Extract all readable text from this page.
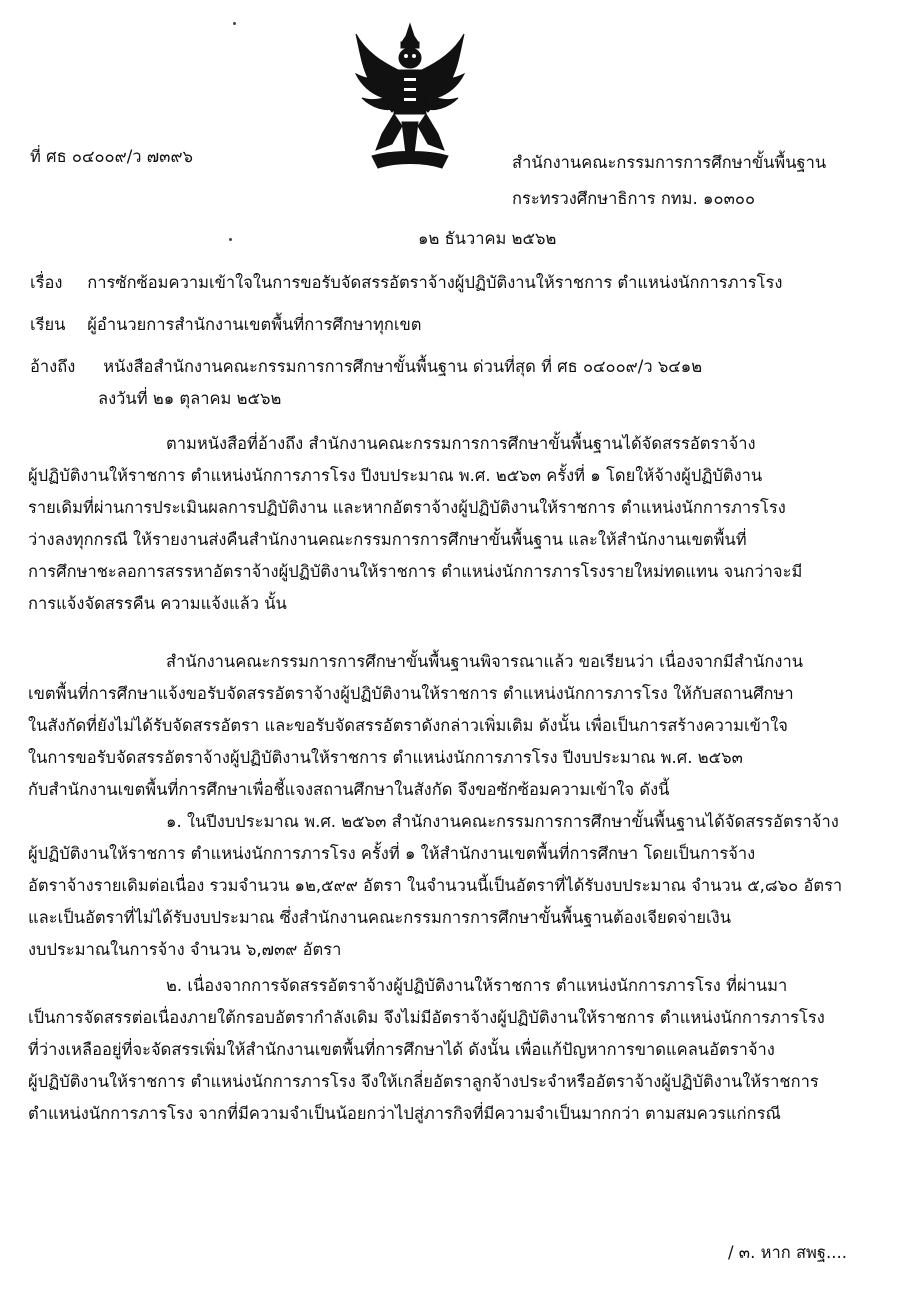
ที่ ศธ ๐๔๐๐๙/ว ๗๓๙๖	สำนักงานคณะกรรมการการศึกษาขั้นพื้นฐาน
กระทรวงศึกษาธิการ กทม. ๑๐๓๐๐
๑๒ ธันวาคม ๒๕๖๒
เรื่อง การซักซ้อมความเข้าใจในการขอรับจัดสรรอัตราจ้างผู้ปฏิบัติงานให้ราชการ ตำแหน่งนักการภารโรง
เรียน ผู้อำนวยการสำนักงานเขตพื้นที่การศึกษาทุกเขต
อ้างถึง หนังสือสำนักงานคณะกรรมการการศึกษาขั้นพื้นฐาน ด่วนที่สุด ที่ ศธ ๐๔๐๐๙/ว ๖๔๑๒
ลงวันที่ ๒๑ ตุลาคม ๒๕๖๒
ตามหนังสือที่อ้างถึง สำนักงานคณะกรรมการการศึกษาขั้นพื้นฐานได้จัดสรรอัตราจ้าง
ผู้ปฏิบัติงานให้ราชการ ตำแหน่งนักการภารโรง ปีงบประมาณ พ.ศ. ๒๕๖๓ ครั้งที่ ๑ โดยให้จ้างผู้ปฏิบัติงาน
รายเดิมที่ผ่านการประเมินผลการปฏิบัติงาน และหากอัตราจ้างผู้ปฏิบัติงานให้ราชการ ตำแหน่งนักการภารโรง
ว่างลงทุกกรณี ให้รายงานส่งคืนสำนักงานคณะกรรมการการศึกษาขั้นพื้นฐาน และให้สำนักงานเขตพื้นที่
การศึกษาชะลอการสรรหาอัตราจ้างผู้ปฏิบัติงานให้ราชการ ตำแหน่งนักการภารโรงรายใหม่ทดแทน จนกว่าจะมี
การแจ้งจัดสรรคืน ความแจ้งแล้ว นั้น
สำนักงานคณะกรรมการการศึกษาขั้นพื้นฐานพิจารณาแล้ว ขอเรียนว่า เนื่องจากมีสำนักงาน
เขตพื้นที่การศึกษาแจ้งขอรับจัดสรรอัตราจ้างผู้ปฏิบัติงานให้ราชการ ตำแหน่งนักการภารโรง ให้กับสถานศึกษา
ในสังกัดที่ยังไม่ได้รับจัดสรรอัตรา และขอรับจัดสรรอัตราดังกล่าวเพิ่มเติม ดังนั้น เพื่อเป็นการสร้างความเข้าใจ
ในการขอรับจัดสรรอัตราจ้างผู้ปฏิบัติงานให้ราชการ ตำแหน่งนักการภารโรง ปีงบประมาณ พ.ศ. ๒๕๖๓
กับสำนักงานเขตพื้นที่การศึกษาเพื่อชี้แจงสถานศึกษาในสังกัด จึงขอซักซ้อมความเข้าใจ ดังนี้
๑. ในปีงบประมาณ พ.ศ. ๒๕๖๓ สำนักงานคณะกรรมการการศึกษาขั้นพื้นฐานได้จัดสรรอัตราจ้าง
ผู้ปฏิบัติงานให้ราชการ ตำแหน่งนักการภารโรง ครั้งที่ ๑ ให้สำนักงานเขตพื้นที่การศึกษา โดยเป็นการจ้าง
อัตราจ้างรายเดิมต่อเนื่อง รวมจำนวน ๑๒,๕๙๙ อัตรา ในจำนวนนี้เป็นอัตราที่ได้รับงบประมาณ จำนวน ๕,๘๖๐ อัตรา
และเป็นอัตราที่ไม่ได้รับงบประมาณ ซึ่งสำนักงานคณะกรรมการการศึกษาขั้นพื้นฐานต้องเจียดจ่ายเงิน
งบประมาณในการจ้าง จำนวน ๖,๗๓๙ อัตรา
๒. เนื่องจากการจัดสรรอัตราจ้างผู้ปฏิบัติงานให้ราชการ ตำแหน่งนักการภารโรง ที่ผ่านมา
เป็นการจัดสรรต่อเนื่องภายใต้กรอบอัตรากำลังเดิม จึงไม่มีอัตราจ้างผู้ปฏิบัติงานให้ราชการ ตำแหน่งนักการภารโรง
ที่ว่างเหลืออยู่ที่จะจัดสรรเพิ่มให้สำนักงานเขตพื้นที่การศึกษาได้ ดังนั้น เพื่อแก้ปัญหาการขาดแคลนอัตราจ้าง
ผู้ปฏิบัติงานให้ราชการ ตำแหน่งนักการภารโรง จึงให้เกลี่ยอัตราลูกจ้างประจำหรืออัตราจ้างผู้ปฏิบัติงานให้ราชการ
ตำแหน่งนักการภารโรง จากที่มีความจำเป็นน้อยกว่าไปสู่ภารกิจที่มีความจำเป็นมากกว่า ตามสมควรแก่กรณี
/ ๓. หาก สพฐ....
